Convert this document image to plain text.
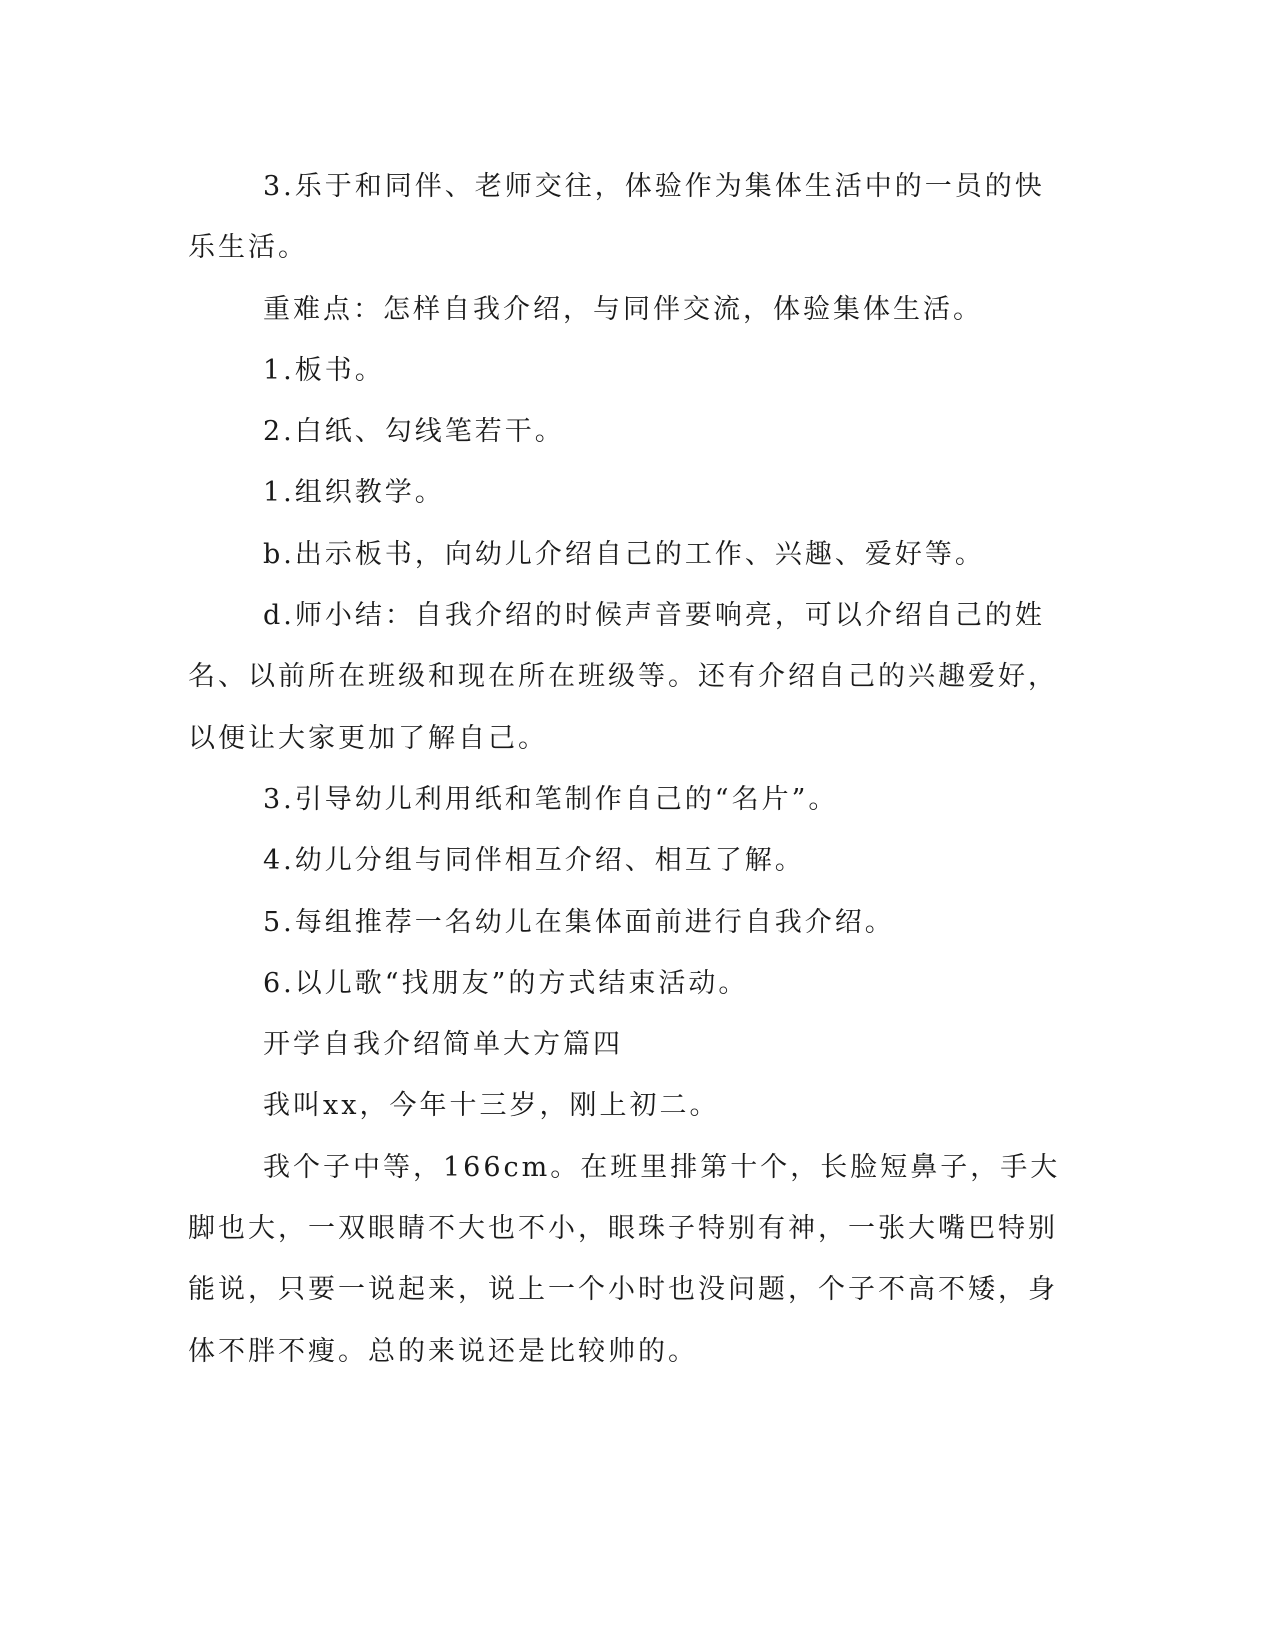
3.乐于和同伴、老师交往，体验作为集体生活中的一员的快乐生活。

重难点：怎样自我介绍，与同伴交流，体验集体生活。

1.板书。

2.白纸、勾线笔若干。

1.组织教学。

b.出示板书，向幼儿介绍自己的工作、兴趣、爱好等。

d.师小结：自我介绍的时候声音要响亮，可以介绍自己的姓名、以前所在班级和现在所在班级等。还有介绍自己的兴趣爱好，以便让大家更加了解自己。

3.引导幼儿利用纸和笔制作自己的“名片”。

4.幼儿分组与同伴相互介绍、相互了解。

5.每组推荐一名幼儿在集体面前进行自我介绍。

6.以儿歌“找朋友”的方式结束活动。

开学自我介绍简单大方篇四

我叫xx，今年十三岁，刚上初二。

我个子中等，166cm。在班里排第十个，长脸短鼻子，手大脚也大，一双眼睛不大也不小，眼珠子特别有神，一张大嘴巴特别能说，只要一说起来，说上一个小时也没问题，个子不高不矮，身体不胖不瘦。总的来说还是比较帅的。
